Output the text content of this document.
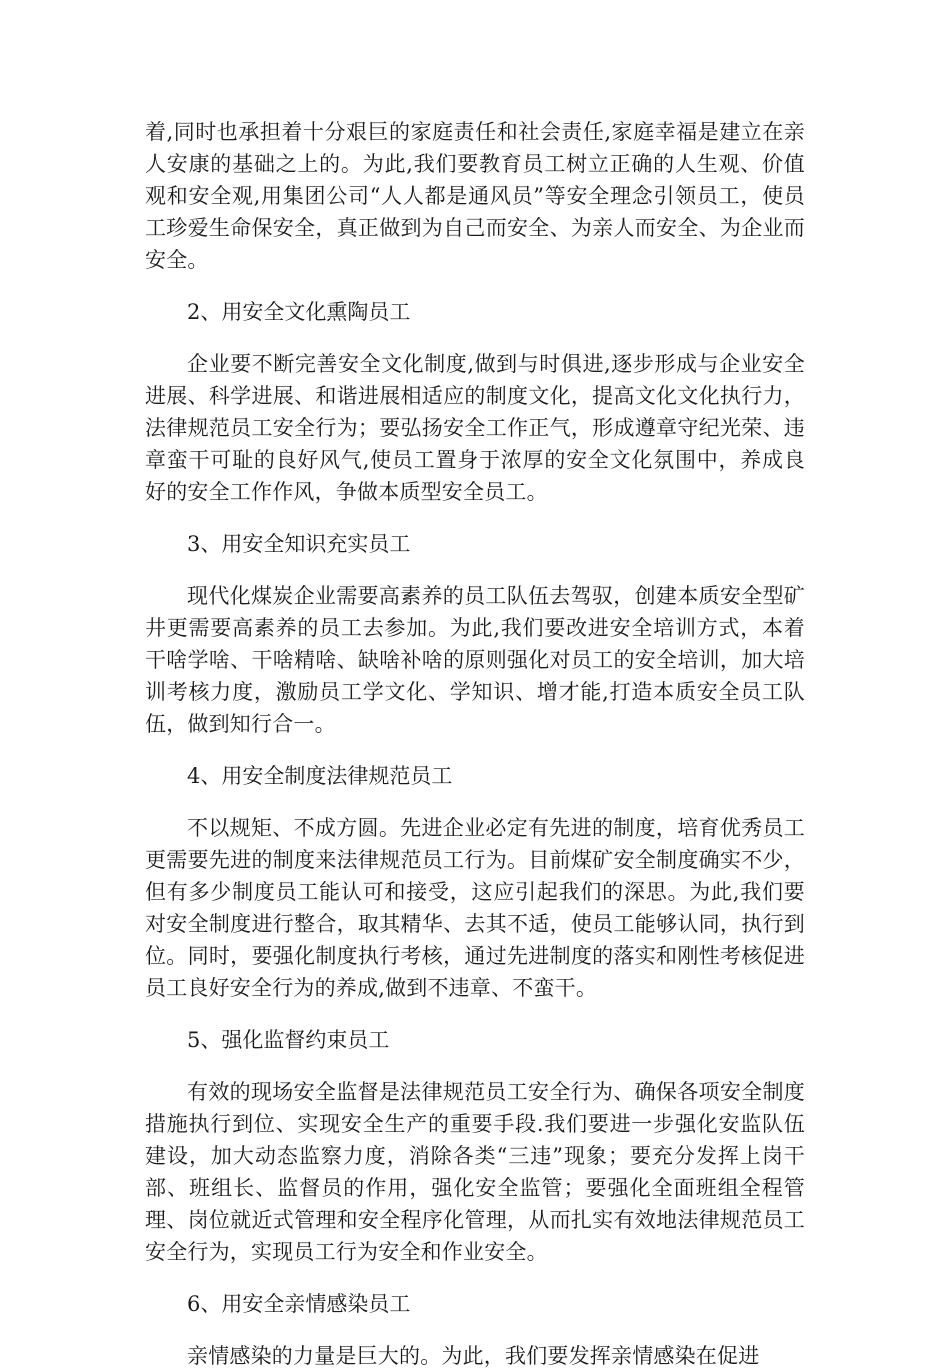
着,同时也承担着十分艰巨的家庭责任和社会责任,家庭幸福是建立在亲人安康的基础之上的。为此,我们要教育员工树立正确的人生观、价值观和安全观,用集团公司“人人都是通风员”等安全理念引领员工，使员工珍爱生命保安全，真正做到为自己而安全、为亲人而安全、为企业而安全。

2、用安全文化熏陶员工

企业要不断完善安全文化制度,做到与时俱进,逐步形成与企业安全进展、科学进展、和谐进展相适应的制度文化，提高文化文化执行力，法律规范员工安全行为；要弘扬安全工作正气，形成遵章守纪光荣、违章蛮干可耻的良好风气,使员工置身于浓厚的安全文化氛围中，养成良好的安全工作作风，争做本质型安全员工。

3、用安全知识充实员工

现代化煤炭企业需要高素养的员工队伍去驾驭，创建本质安全型矿井更需要高素养的员工去参加。为此,我们要改进安全培训方式，本着干啥学啥、干啥精啥、缺啥补啥的原则强化对员工的安全培训，加大培训考核力度，激励员工学文化、学知识、增才能,打造本质安全员工队伍，做到知行合一。

4、用安全制度法律规范员工

不以规矩、不成方圆。先进企业必定有先进的制度，培育优秀员工更需要先进的制度来法律规范员工行为。目前煤矿安全制度确实不少，但有多少制度员工能认可和接受，这应引起我们的深思。为此,我们要对安全制度进行整合，取其精华、去其不适，使员工能够认同，执行到位。同时，要强化制度执行考核，通过先进制度的落实和刚性考核促进员工良好安全行为的养成,做到不违章、不蛮干。

5、强化监督约束员工

有效的现场安全监督是法律规范员工安全行为、确保各项安全制度措施执行到位、实现安全生产的重要手段.我们要进一步强化安监队伍建设，加大动态监察力度，消除各类“三违”现象；要充分发挥上岗干部、班组长、监督员的作用，强化安全监管；要强化全面班组全程管理、岗位就近式管理和安全程序化管理，从而扎实有效地法律规范员工安全行为，实现员工行为安全和作业安全。

6、用安全亲情感染员工

亲情感染的力量是巨大的。为此，我们要发挥亲情感染在促进
